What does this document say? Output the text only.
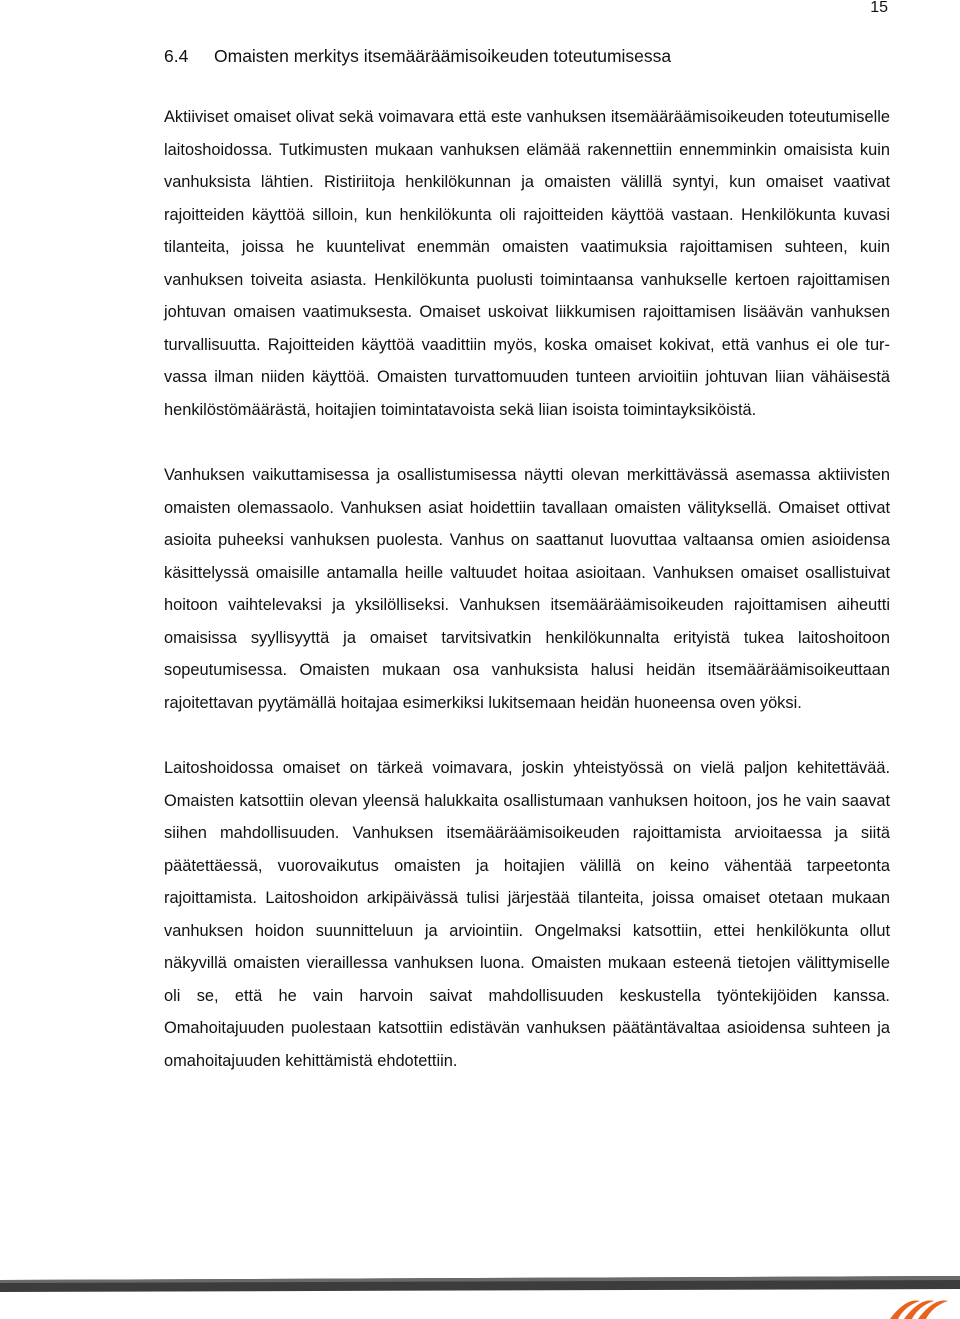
15
6.4 Omaisten merkitys itsemääräämisoikeuden toteutumisessa

Aktiiviset omaiset olivat sekä voimavara että este vanhuksen itsemääräämisoikeuden toteutumiselle laitoshoidossa. Tutkimusten mukaan vanhuksen elämää rakennettiin ennemminkin omaisista kuin vanhuksista lähtien. Ristiriitoja henkilökunnan ja omaisten välillä syntyi, kun omaiset vaativat rajoitteiden käyttöä silloin, kun henkilökunta oli rajoitteiden käyttöä vastaan. Henkilökunta kuvasi tilanteita, joissa he kuuntelivat enemmän omaisten vaatimuksia rajoittamisen suhteen, kuin vanhuksen toiveita asiasta. Henkilökunta puolusti toimintaansa vanhukselle kertoen rajoittamisen johtuvan omaisen vaatimuksesta. Omaiset uskoivat liikkumisen rajoittamisen lisäävän vanhuksen turvallisuutta. Rajoitteiden käyttöä vaadittiin myös, koska omaiset kokivat, että vanhus ei ole turvassa ilman niiden käyttöä. Omaisten turvattomuuden tunteen arvioitiin johtuvan liian vähäisestä henkilöstömäärästä, hoitajien toimintatavoista sekä liian isoista toimintayksiköistä.

Vanhuksen vaikuttamisessa ja osallistumisessa näytti olevan merkittävässä asemassa aktiivisten omaisten olemassaolo. Vanhuksen asiat hoidettiin tavallaan omaisten välityksellä. Omaiset ottivat asioita puheeksi vanhuksen puolesta. Vanhus on saattanut luovuttaa valtaansa omien asioidensa käsittelyssä omaisille antamalla heille valtuudet hoitaa asioitaan. Vanhuksen omaiset osallistuivat hoitoon vaihtelevaksi ja yksilölliseksi. Vanhuksen itsemääräämisoikeuden rajoittamisen aiheutti omaisissa syyllisyyttä ja omaiset tarvitsivatkin henkilökunnalta erityistä tukea laitoshoitoon sopeutumisessa. Omaisten mukaan osa vanhuksista halusi heidän itsemääräämisoikeuttaan rajoitettavan pyytämällä hoitajaa esimerkiksi lukitsemaan heidän huoneensa oven yöksi.

Laitoshoidossa omaiset on tärkeä voimavara, joskin yhteistyössä on vielä paljon kehitettävää. Omaisten katsottiin olevan yleensä halukkaita osallistumaan vanhuksen hoitoon, jos he vain saavat siihen mahdollisuuden. Vanhuksen itsemääräämisoikeuden rajoittamista arvioitaessa ja siitä päätettäessä, vuorovaikutus omaisten ja hoitajien välillä on keino vähentää tarpeetonta rajoittamista. Laitoshoidon arkipäivässä tulisi järjestää tilanteita, joissa omaiset otetaan mukaan vanhuksen hoidon suunnitteluun ja arviointiin. Ongelmaksi katsottiin, ettei henkilökunta ollut näkyvillä omaisten vieraillessa vanhuksen luona. Omaisten mukaan esteenä tietojen välittymiselle oli se, että he vain harvoin saivat mahdollisuuden keskustella työntekijöiden kanssa. Omahoitajuuden puolestaan katsottiin edistävän vanhuksen päätäntävaltaa asioidensa suhteen ja omahoitajuuden kehittämistä ehdotettiin.
